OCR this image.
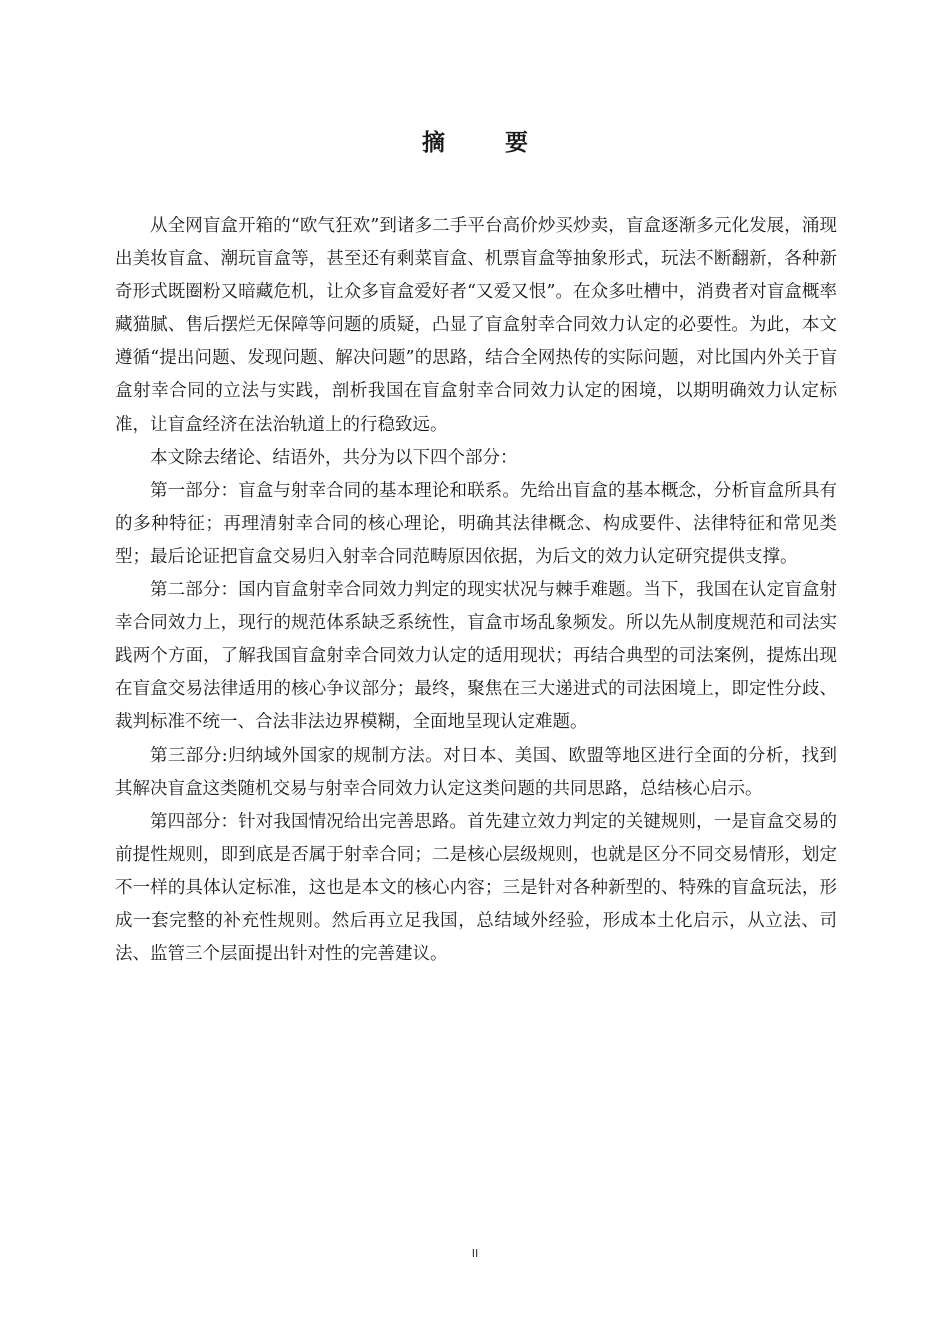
摘 要

从全网盲盒开箱的“欧气狂欢”到诸多二手平台高价炒买炒卖，盲盒逐渐多元化发展，涌现出美妆盲盒、潮玩盲盒等，甚至还有剩菜盲盒、机票盲盒等抽象形式，玩法不断翻新，各种新奇形式既圈粉又暗藏危机，让众多盲盒爱好者“又爱又恨”。在众多吐槽中，消费者对盲盒概率藏猫腻、售后摆烂无保障等问题的质疑，凸显了盲盒射幸合同效力认定的必要性。为此，本文遵循“提出问题、发现问题、解决问题”的思路，结合全网热传的实际问题，对比国内外关于盲盒射幸合同的立法与实践，剖析我国在盲盒射幸合同效力认定的困境，以期明确效力认定标准，让盲盒经济在法治轨道上的行稳致远。

本文除去绪论、结语外，共分为以下四个部分：

第一部分：盲盒与射幸合同的基本理论和联系。先给出盲盒的基本概念，分析盲盒所具有的多种特征；再理清射幸合同的核心理论，明确其法律概念、构成要件、法律特征和常见类型；最后论证把盲盒交易归入射幸合同范畴原因依据，为后文的效力认定研究提供支撑。

第二部分：国内盲盒射幸合同效力判定的现实状况与棘手难题。当下，我国在认定盲盒射幸合同效力上，现行的规范体系缺乏系统性，盲盒市场乱象频发。所以先从制度规范和司法实践两个方面，了解我国盲盒射幸合同效力认定的适用现状；再结合典型的司法案例，提炼出现在盲盒交易法律适用的核心争议部分；最终，聚焦在三大递进式的司法困境上，即定性分歧、裁判标准不统一、合法非法边界模糊，全面地呈现认定难题。

第三部分:归纳域外国家的规制方法。对日本、美国、欧盟等地区进行全面的分析，找到其解决盲盒这类随机交易与射幸合同效力认定这类问题的共同思路，总结核心启示。

第四部分：针对我国情况给出完善思路。首先建立效力判定的关键规则，一是盲盒交易的前提性规则，即到底是否属于射幸合同；二是核心层级规则，也就是区分不同交易情形，划定不一样的具体认定标准，这也是本文的核心内容；三是针对各种新型的、特殊的盲盒玩法，形成一套完整的补充性规则。然后再立足我国，总结域外经验，形成本土化启示，从立法、司法、监管三个层面提出针对性的完善建议。

II
